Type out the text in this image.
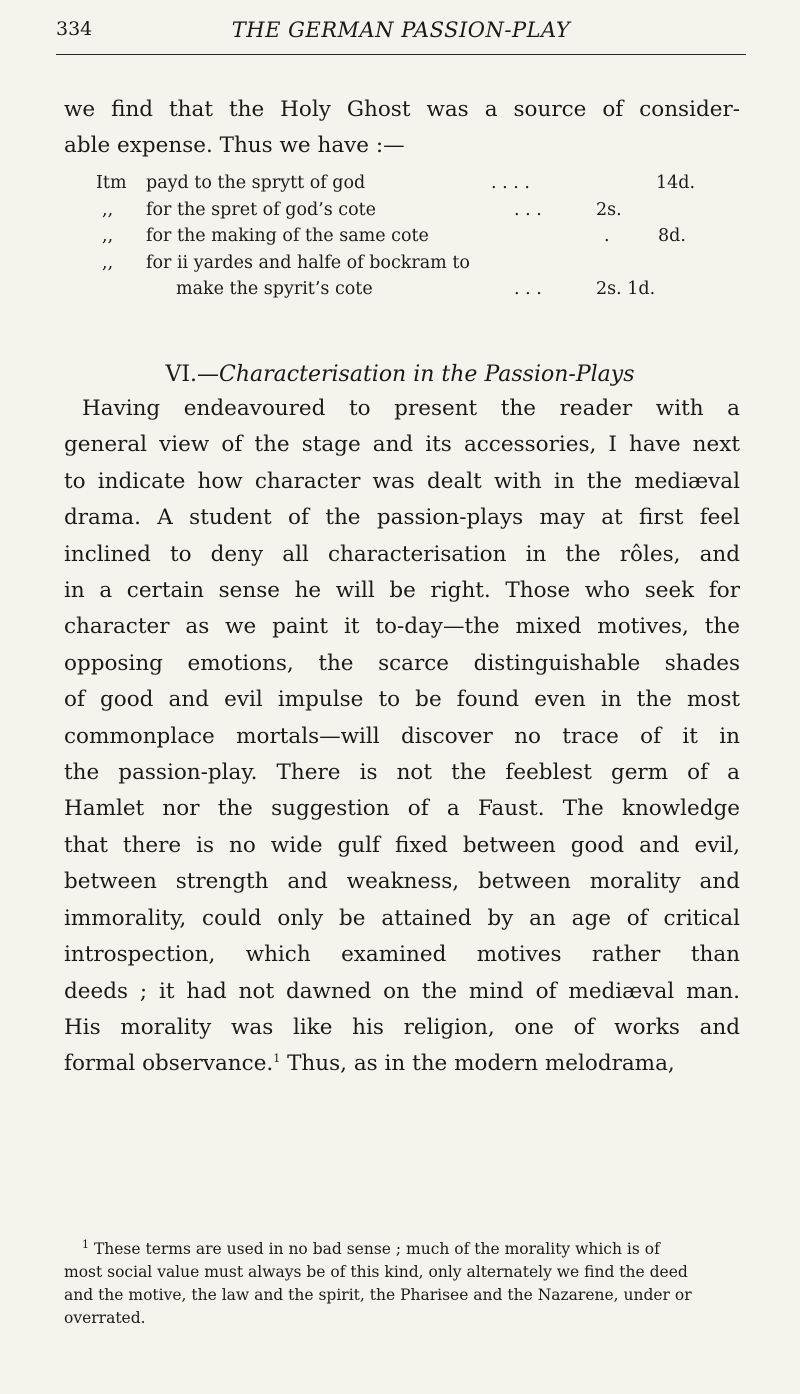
334	THE GERMAN PASSION-PLAY

we find that the Holy Ghost was a source of consider-
able expense. Thus we have :—

Itm payd to the sprytt of god	. . . .	14d.
,, for the spret of god’s cote	. . .	2s.
,, for the making of the same cote	.	8d.
,, for ii yardes and halfe of bockram to
make the spyrit’s cote	. . .	2s. 1d.
VI.—Characterisation in the Passion-Plays

Having endeavoured to present the reader with a
general view of the stage and its accessories, I have next
to indicate how character was dealt with in the mediæval
drama. A student of the passion-plays may at first feel
inclined to deny all characterisation in the rôles, and
in a certain sense he will be right. Those who seek for
character as we paint it to-day—the mixed motives, the
opposing emotions, the scarce distinguishable shades
of good and evil impulse to be found even in the most
commonplace mortals—will discover no trace of it in
the passion-play. There is not the feeblest germ of a
Hamlet nor the suggestion of a Faust. The knowledge
that there is no wide gulf fixed between good and evil,
between strength and weakness, between morality and
immorality, could only be attained by an age of critical
introspection, which examined motives rather than
deeds ; it had not dawned on the mind of mediæval man.
His morality was like his religion, one of works and
formal observance.$^1$ Thus, as in the modern melodrama,

$^1$ These terms are used in no bad sense ; much of the morality which is of
most social value must always be of this kind, only alternately we find the deed
and the motive, the law and the spirit, the Pharisee and the Nazarene, under or
overrated.
